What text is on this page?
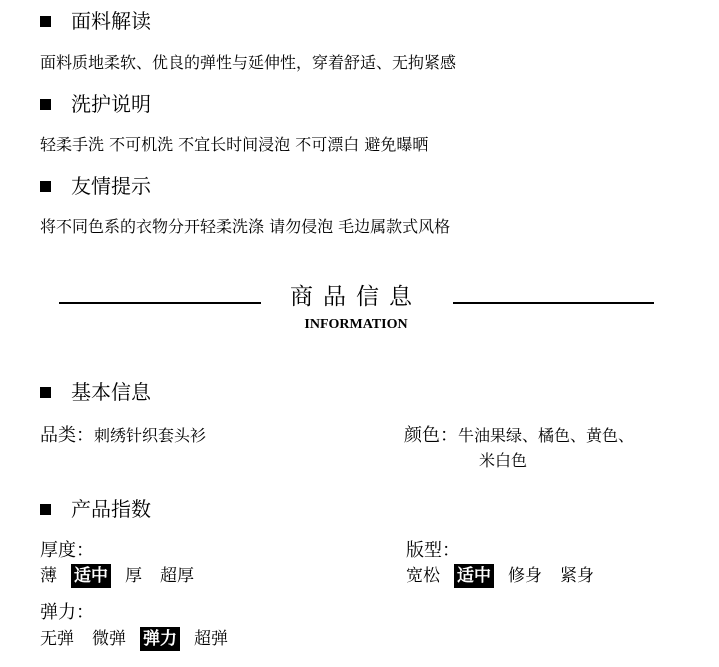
面料解读
面料质地柔软、优良的弹性与延伸性，穿着舒适、无拘紧感
洗护说明
轻柔手洗 不可机洗 不宜长时间浸泡 不可漂白 避免曝晒
友情提示
将不同色系的衣物分开轻柔洗涤 请勿侵泡 毛边属款式风格
商品信息
INFORMATION
基本信息
品类：刺绣针织套头衫	颜色：牛油果绿、橘色、黄色、
米白色
产品指数
厚度：
薄 适中 厚 超厚
版型：
宽松 适中 修身 紧身
弹力：
无弹 微弹 弹力 超弹
